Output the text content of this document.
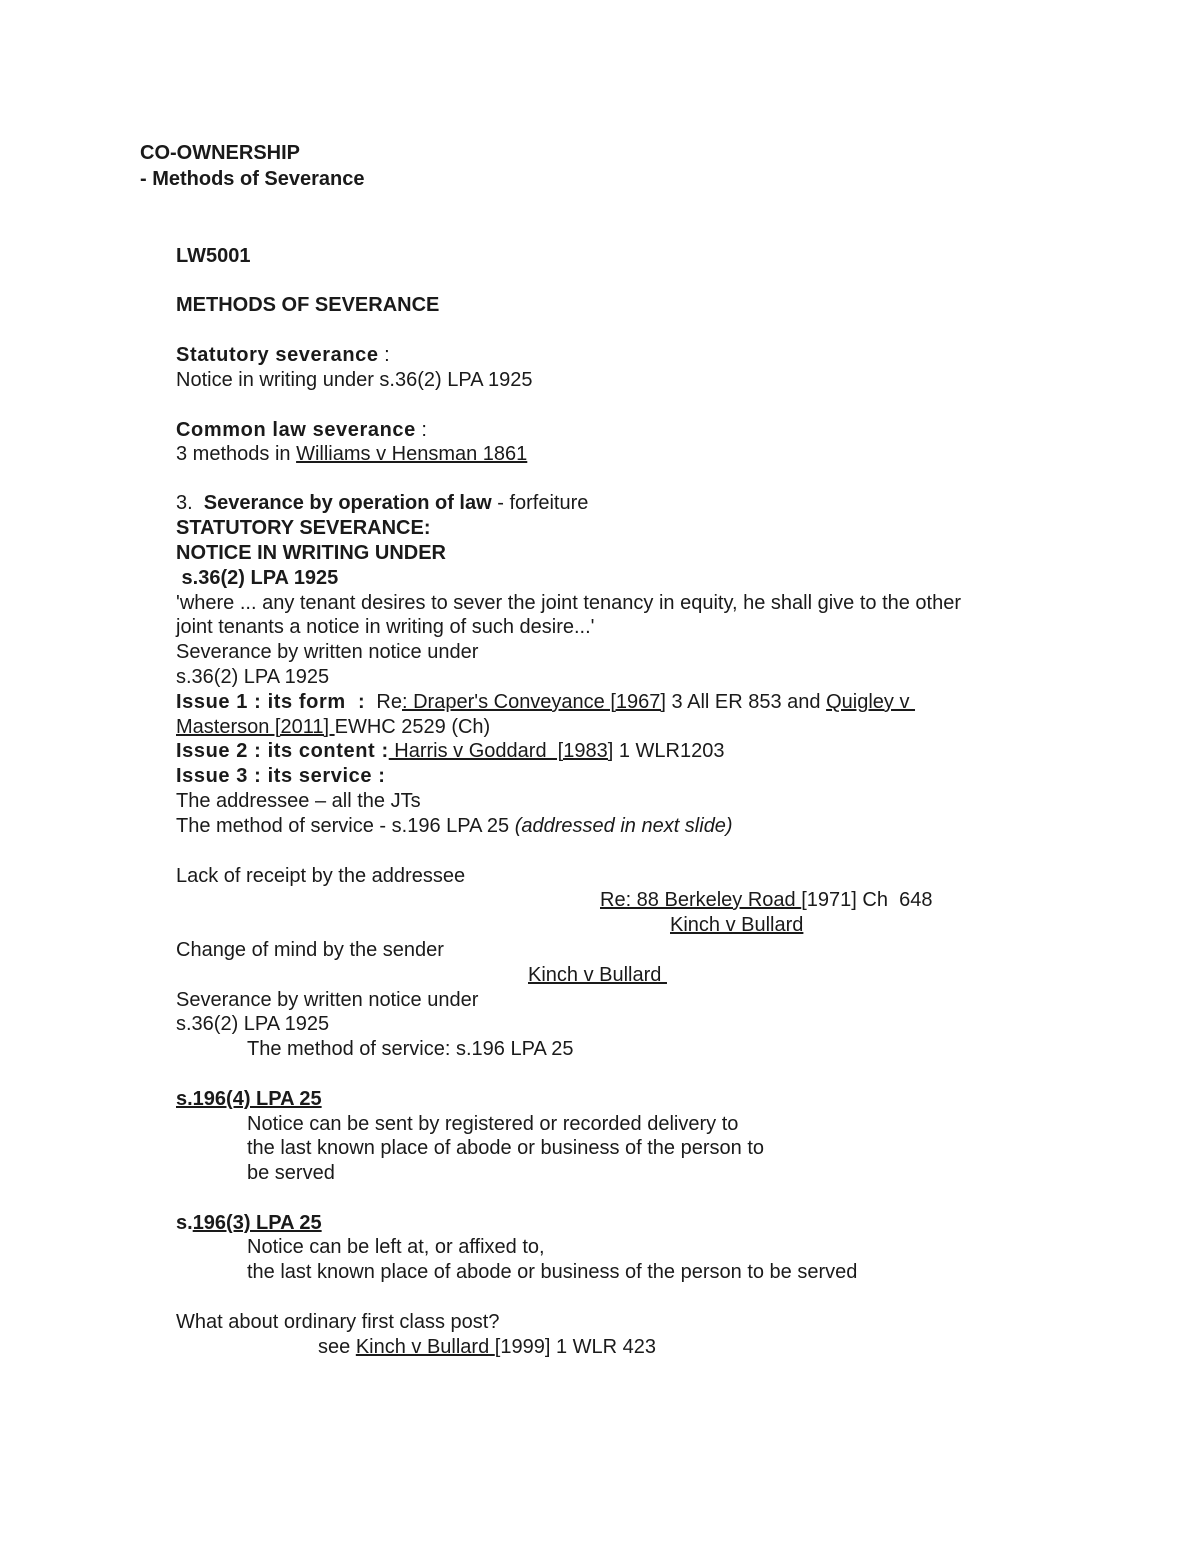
CO-OWNERSHIP
- Methods of Severance
LW5001
METHODS OF SEVERANCE
Statutory severance :
Notice in writing under s.36(2) LPA 1925
Common law severance :
3 methods in Williams v Hensman 1861
3.  Severance by operation of law - forfeiture
STATUTORY SEVERANCE:
NOTICE IN WRITING UNDER
s.36(2) LPA 1925
'where ... any tenant desires to sever the joint tenancy in equity, he shall give to the other
joint tenants a notice in writing of such desire...'
Severance by written notice under
s.36(2) LPA 1925
Issue 1 : its form  :  Re: Draper's Conveyance [1967] 3 All ER 853 and Quigley v
Masterson [2011] EWHC 2529 (Ch)
Issue 2 : its content : Harris v Goddard  [1983] 1 WLR1203
Issue 3 : its service :
The addressee – all the JTs
The method of service - s.196 LPA 25 (addressed in next slide)
Lack of receipt by the addressee
Re: 88 Berkeley Road [1971] Ch  648
Kinch v Bullard
Change of mind by the sender
Kinch v Bullard
Severance by written notice under
s.36(2) LPA 1925
The method of service: s.196 LPA 25
s.196(4) LPA 25
Notice can be sent by registered or recorded delivery to
the last known place of abode or business of the person to
be served
s.196(3) LPA 25
Notice can be left at, or affixed to,
the last known place of abode or business of the person to be served
What about ordinary first class post?
see Kinch v Bullard [1999] 1 WLR 423
